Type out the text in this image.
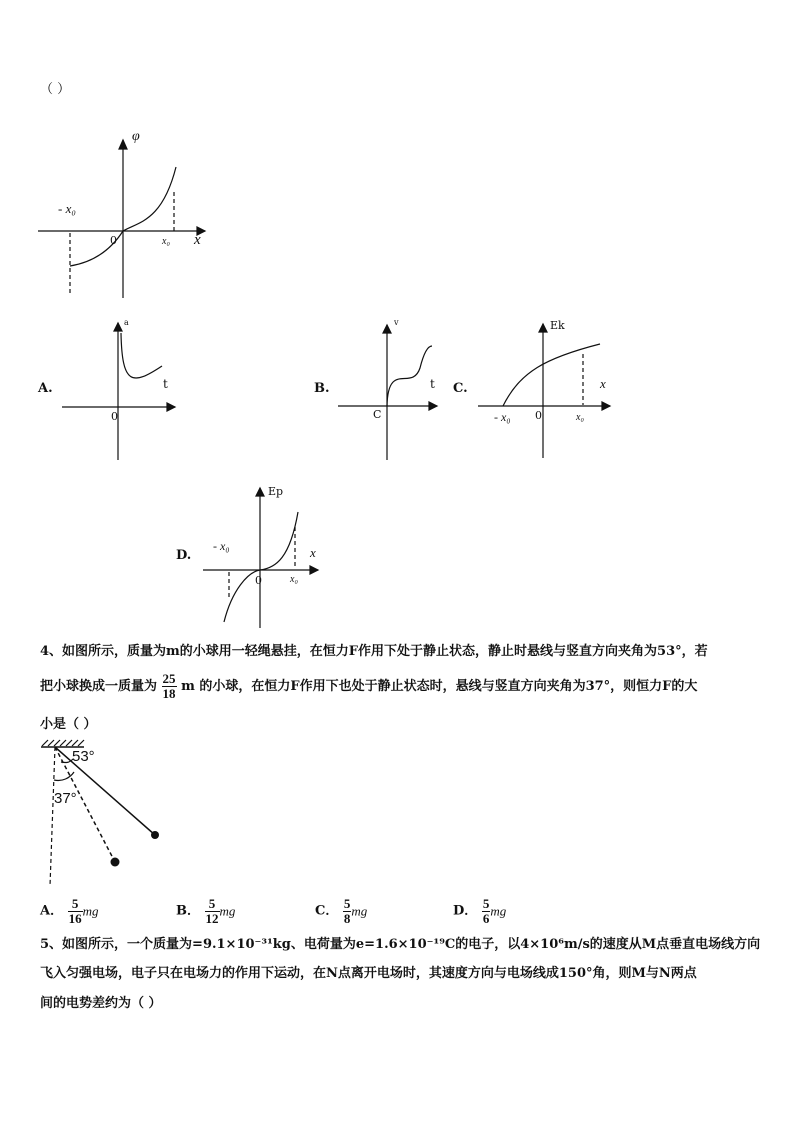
（ ）
φ
x
0
- x₀
x₀
A.
a
t
0
B.
v
t
C
C.
Ek
x
0
- x₀	x₀
D.
Ep
x
0
- x₀
x₀
4、如图所示，质量为m的小球用一轻绳悬挂，在恒力F作用下处于静止状态，静止时悬线与竖直方向夹角为53°，若
把小球换成一质量为 $\frac{25}{18}$ m 的小球，在恒力F作用下也处于静止状态时，悬线与竖直方向夹角为37°，则恒力F的大
小是（ ）
53°
37°
A． $\frac{5}{16}$ mg	B． $\frac{5}{12}$ mg	C． $\frac{5}{8}$ mg	D． $\frac{5}{6}$ mg
5、如图所示，一个质量为=9.1×10⁻³¹kg、电荷量为e=1.6×10⁻¹⁹C的电子，以4×10⁶m/s的速度从M点垂直电场线方向
飞入匀强电场，电子只在电场力的作用下运动，在N点离开电场时，其速度方向与电场线成150°角，则M与N两点
间的电势差约为（ ）
